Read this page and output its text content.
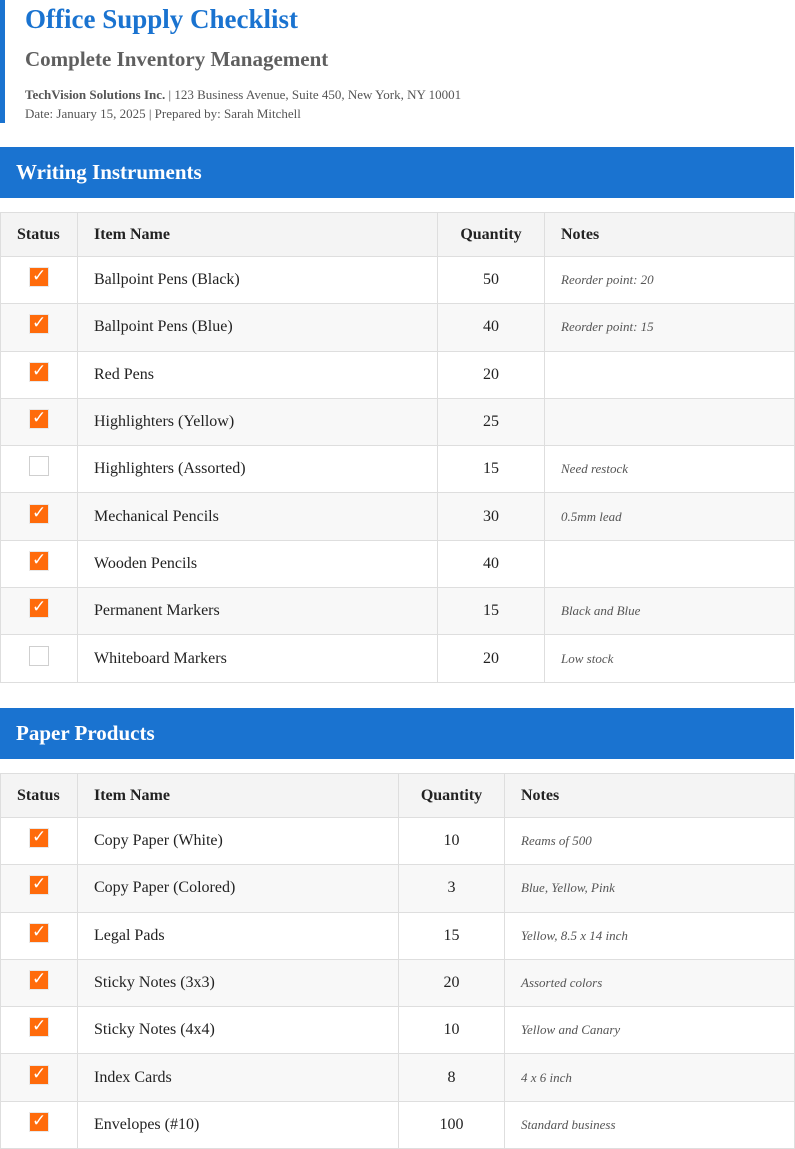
Office Supply Checklist
Complete Inventory Management
TechVision Solutions Inc. | 123 Business Avenue, Suite 450, New York, NY 10001
Date: January 15, 2025 | Prepared by: Sarah Mitchell
Writing Instruments
Status	Item Name	Quantity	Notes
✓	Ballpoint Pens (Black)	50	Reorder point: 20
✓	Ballpoint Pens (Blue)	40	Reorder point: 15
✓	Red Pens	20	
✓	Highlighters (Yellow)	25	
	Highlighters (Assorted)	15	Need restock
✓	Mechanical Pencils	30	0.5mm lead
✓	Wooden Pencils	40	
✓	Permanent Markers	15	Black and Blue
	Whiteboard Markers	20	Low stock
Paper Products
Status	Item Name	Quantity	Notes
✓	Copy Paper (White)	10	Reams of 500
✓	Copy Paper (Colored)	3	Blue, Yellow, Pink
✓	Legal Pads	15	Yellow, 8.5 x 14 inch
✓	Sticky Notes (3x3)	20	Assorted colors
✓	Sticky Notes (4x4)	10	Yellow and Canary
✓	Index Cards	8	4 x 6 inch
✓	Envelopes (#10)	100	Standard business
